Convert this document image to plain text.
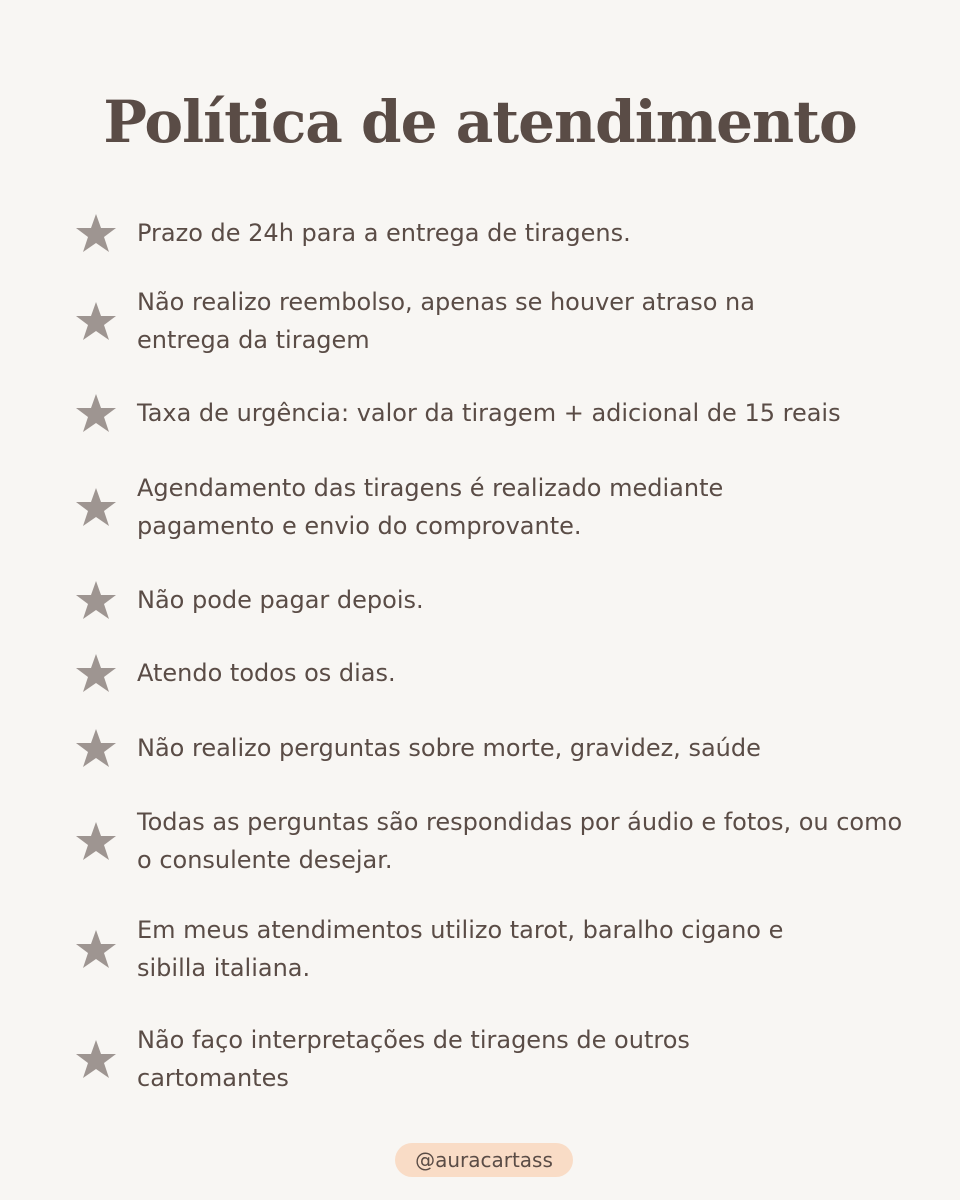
Política de atendimento
Prazo de 24h para a entrega de tiragens.
Não realizo reembolso, apenas se houver atraso na entrega da tiragem
Taxa de urgência: valor da tiragem + adicional de 15 reais
Agendamento das tiragens é realizado mediante pagamento e envio do comprovante.
Não pode pagar depois.
Atendo todos os dias.
Não realizo perguntas sobre morte, gravidez, saúde
Todas as perguntas são respondidas por áudio e fotos, ou como o consulente desejar.
Em meus atendimentos utilizo tarot, baralho cigano e sibilla italiana.
Não faço interpretações de tiragens de outros cartomantes
@auracartass
